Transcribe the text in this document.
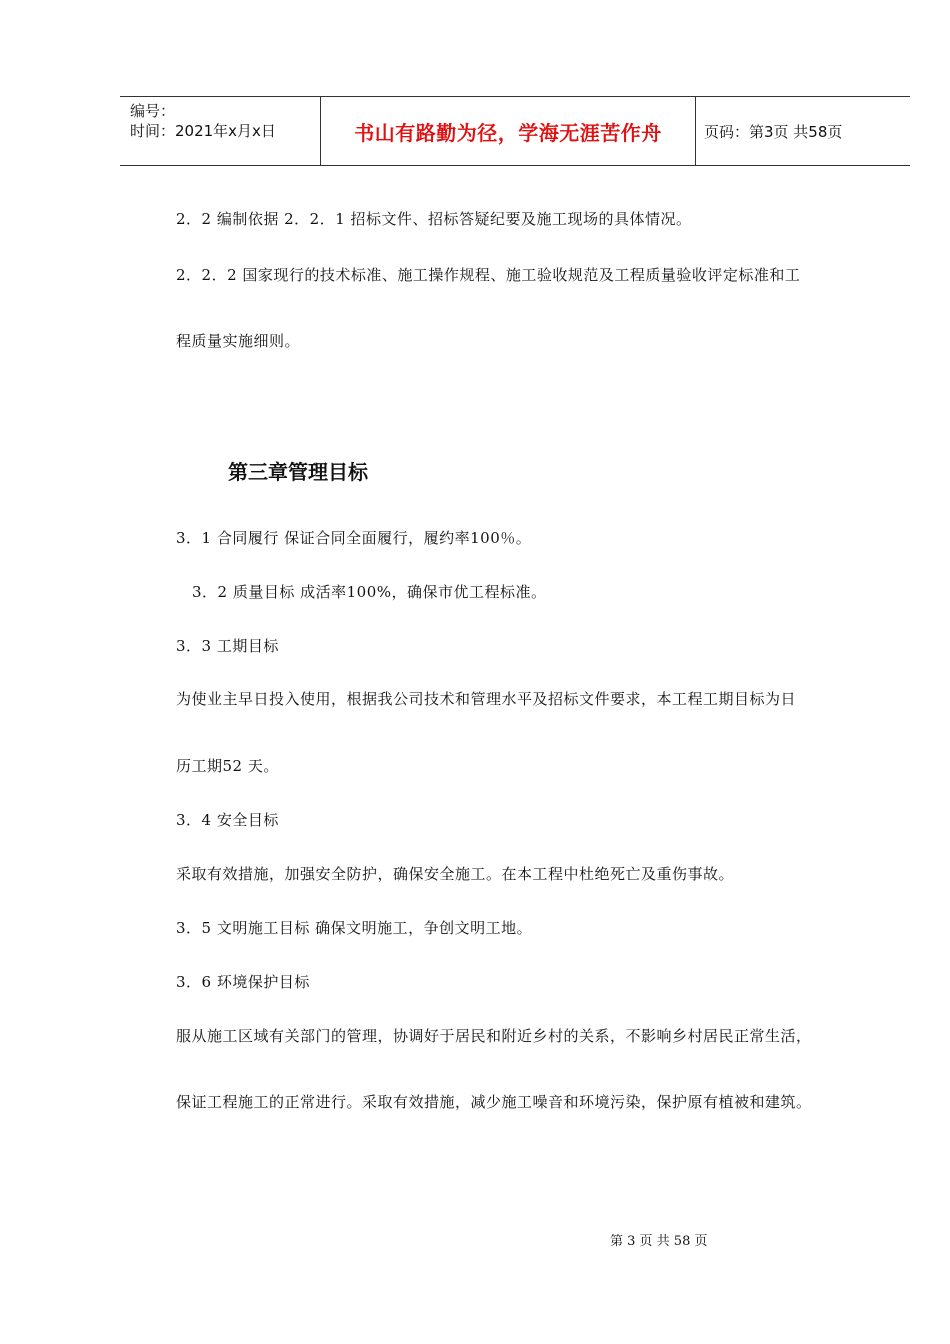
编号：
时间：2021年x月x日	书山有路勤为径，学海无涯苦作舟	页码：第3页 共58页
2．2 编制依据 2．2．1 招标文件、招标答疑纪要及施工现场的具体情况。
2．2．2 国家现行的技术标准、施工操作规程、施工验收规范及工程质量验收评定标准和工
程质量实施细则。
第三章管理目标
3．1 合同履行 保证合同全面履行，履约率100％。
3．2 质量目标 成活率100%，确保市优工程标准。
3．3 工期目标
为使业主早日投入使用，根据我公司技术和管理水平及招标文件要求，本工程工期目标为日
历工期52 天。
3．4 安全目标
采取有效措施，加强安全防护，确保安全施工。在本工程中杜绝死亡及重伤事故。
3．5 文明施工目标 确保文明施工，争创文明工地。
3．6 环境保护目标
服从施工区域有关部门的管理，协调好于居民和附近乡村的关系，不影响乡村居民正常生活，
保证工程施工的正常进行。采取有效措施，减少施工噪音和环境污染，保护原有植被和建筑。
第 3 页 共 58 页
